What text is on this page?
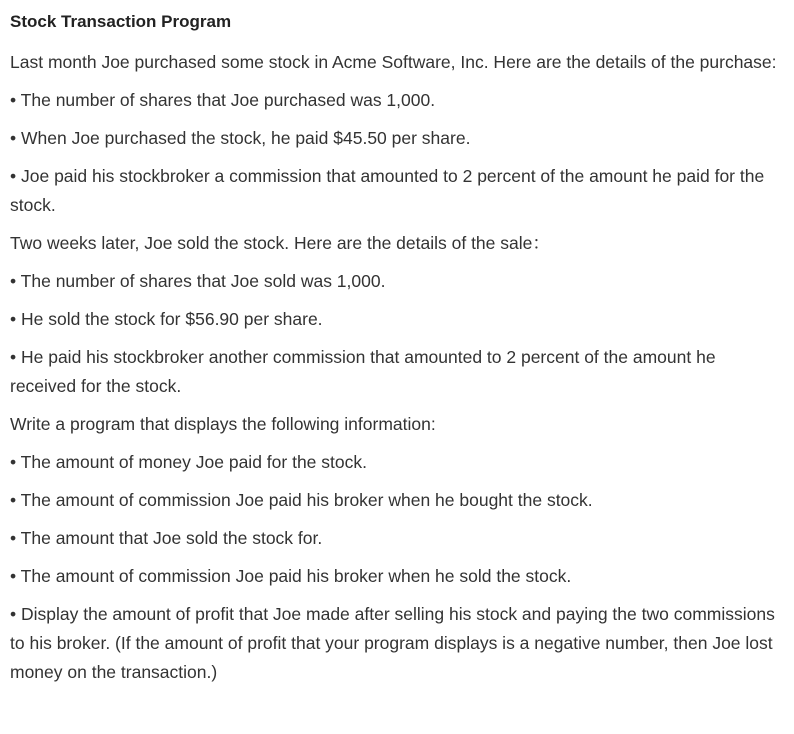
Stock Transaction Program
Last month Joe purchased some stock in Acme Software, Inc. Here are the details of the purchase:
• The number of shares that Joe purchased was 1,000.
• When Joe purchased the stock, he paid $45.50 per share.
• Joe paid his stockbroker a commission that amounted to 2 percent of the amount he paid for the stock.
Two weeks later, Joe sold the stock. Here are the details of the sale：
• The number of shares that Joe sold was 1,000.
• He sold the stock for $56.90 per share.
• He paid his stockbroker another commission that amounted to 2 percent of the amount he received for the stock.
Write a program that displays the following information:
• The amount of money Joe paid for the stock.
• The amount of commission Joe paid his broker when he bought the stock.
• The amount that Joe sold the stock for.
• The amount of commission Joe paid his broker when he sold the stock.
• Display the amount of profit that Joe made after selling his stock and paying the two commissions to his broker. (If the amount of profit that your program displays is a negative number, then Joe lost money on the transaction.)
